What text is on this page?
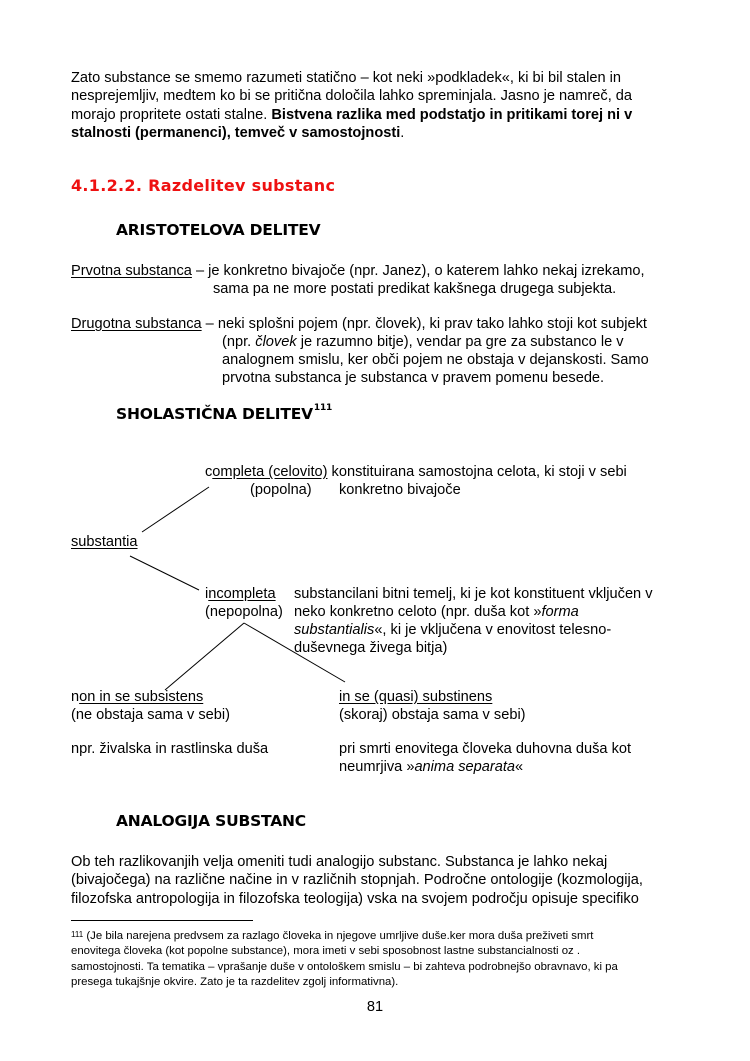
Zato substance se smemo razumeti statično – kot neki »podkladek«, ki bi bil stalen in
nesprejemljiv, medtem ko bi se pritična določila lahko spreminjala. Jasno je namreč, da
morajo propritete ostati stalne. Bistvena razlika med podstatjo in pritikami torej ni v
stalnosti (permanenci), temveč v samostojnosti.
4.1.2.2. Razdelitev substanc
ARISTOTELOVA DELITEV
Prvotna substanca – je konkretno bivajoče (npr. Janez), o katerem lahko nekaj izrekamo,
sama pa ne more postati predikat kakšnega drugega subjekta.
Drugotna substanca – neki splošni pojem (npr. človek), ki prav tako lahko stoji kot subjekt
(npr. človek je razumno bitje), vendar pa gre za substanco le v
analognem smislu, ker obči pojem ne obstaja v dejanskosti. Samo
prvotna substanca je substanca v pravem pomenu besede.
SHOLASTIČNA DELITEV$^{111}$
completa (celovito) konstituirana samostojna celota, ki stoji v sebi
(popolna) konkretno bivajoče
substantia
incompleta
(nepopolna)
substancilani bitni temelj, ki je kot konstituent vključen v
neko konkretno celoto (npr. duša kot »forma
substantialis«, ki je vključena v enovitost telesno-
duševnega živega bitja)
non in se subsistens
(ne obstaja sama v sebi)
npr. živalska in rastlinska duša
in se (quasi) substinens
(skoraj) obstaja sama v sebi)
pri smrti enovitega človeka duhovna duša kot
neumrjiva »anima separata«
ANALOGIJA SUBSTANC
Ob teh razlikovanjih velja omeniti tudi analogijo substanc. Substanca je lahko nekaj
(bivajočega) na različne načine in v različnih stopnjah. Področne ontologije (kozmologija,
filozofska antropologija in filozofska teologija) vska na svojem področju opisuje specifiko
$^{111}$ (Je bila narejena predvsem za razlago človeka in njegove umrljive duše.ker mora duša preživeti smrt
enovitega človeka (kot popolne substance), mora imeti v sebi sposobnost lastne substancialnosti oz .
samostojnosti. Ta tematika – vprašanje duše v ontološkem smislu – bi zahteva podrobnejšo obravnavo, ki pa
presega tukajšnje okvire. Zato je ta razdelitev zgolj informativna).
81
